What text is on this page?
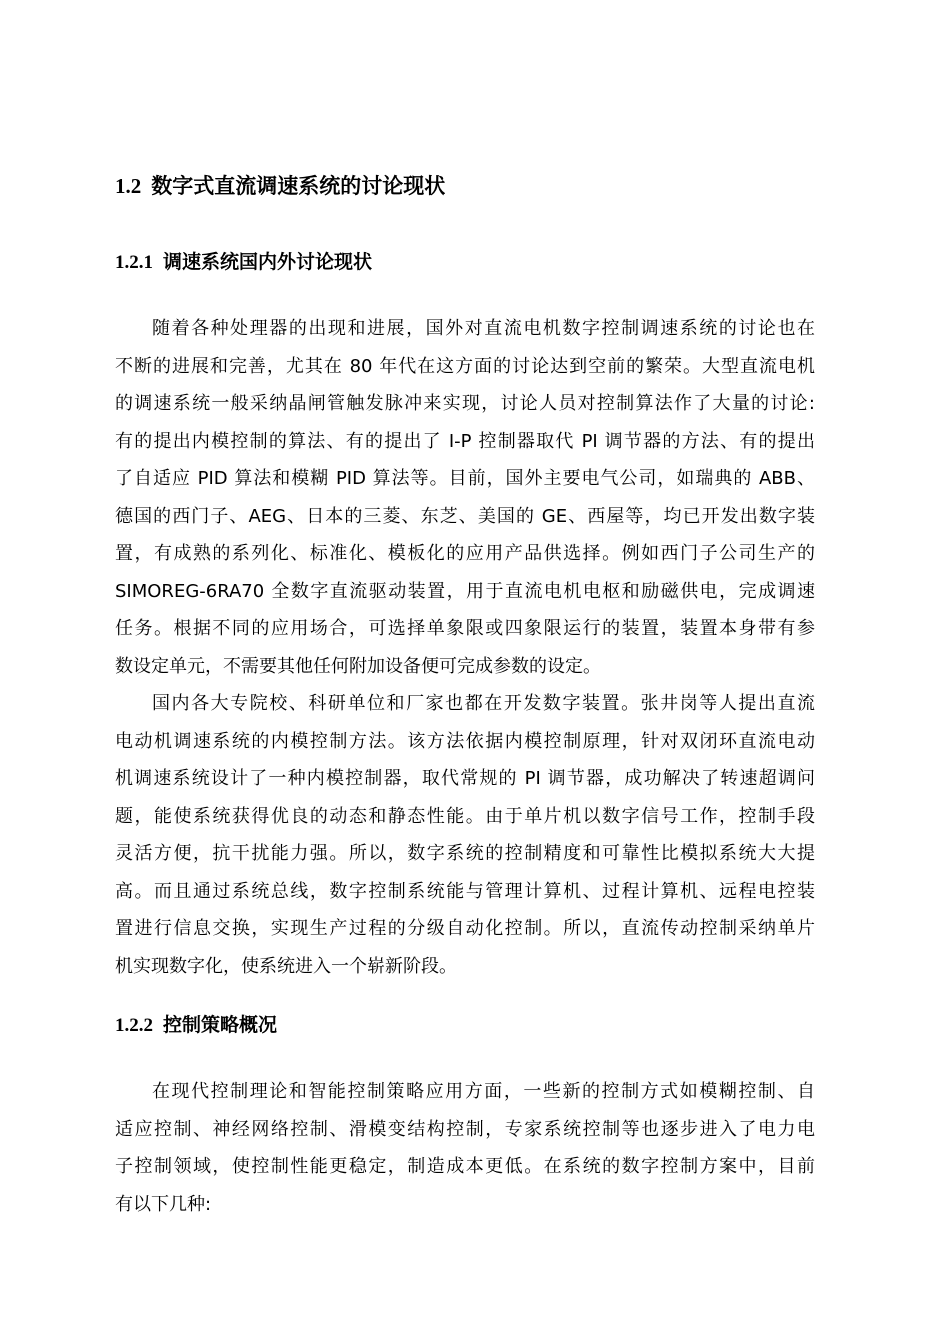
1.2 数字式直流调速系统的讨论现状
1.2.1 调速系统国内外讨论现状
随着各种处理器的出现和进展，国外对直流电机数字控制调速系统的讨论也在
不断的进展和完善，尤其在 80 年代在这方面的讨论达到空前的繁荣。大型直流电机
的调速系统一般采纳晶闸管触发脉冲来实现，讨论人员对控制算法作了大量的讨论:
有的提出内模控制的算法、有的提出了 I-P 控制器取代 PI 调节器的方法、有的提出
了自适应 PID 算法和模糊 PID 算法等。目前，国外主要电气公司，如瑞典的 ABB、
德国的西门子、AEG、日本的三菱、东芝、美国的 GE、西屋等，均已开发出数字装
置，有成熟的系列化、标准化、模板化的应用产品供选择。例如西门子公司生产的
SIMOREG-6RA70 全数字直流驱动装置，用于直流电机电枢和励磁供电，完成调速
任务。根据不同的应用场合，可选择单象限或四象限运行的装置，装置本身带有参
数设定单元，不需要其他任何附加设备便可完成参数的设定。
国内各大专院校、科研单位和厂家也都在开发数字装置。张井岗等人提出直流
电动机调速系统的内模控制方法。该方法依据内模控制原理，针对双闭环直流电动
机调速系统设计了一种内模控制器，取代常规的 PI 调节器，成功解决了转速超调问
题，能使系统获得优良的动态和静态性能。由于单片机以数字信号工作，控制手段
灵活方便，抗干扰能力强。所以，数字系统的控制精度和可靠性比模拟系统大大提
高。而且通过系统总线，数字控制系统能与管理计算机、过程计算机、远程电控装
置进行信息交换，实现生产过程的分级自动化控制。所以，直流传动控制采纳单片
机实现数字化，使系统进入一个崭新阶段。
1.2.2 控制策略概况
在现代控制理论和智能控制策略应用方面，一些新的控制方式如模糊控制、自
适应控制、神经网络控制、滑模变结构控制，专家系统控制等也逐步进入了电力电
子控制领域，使控制性能更稳定，制造成本更低。在系统的数字控制方案中，目前
有以下几种:
